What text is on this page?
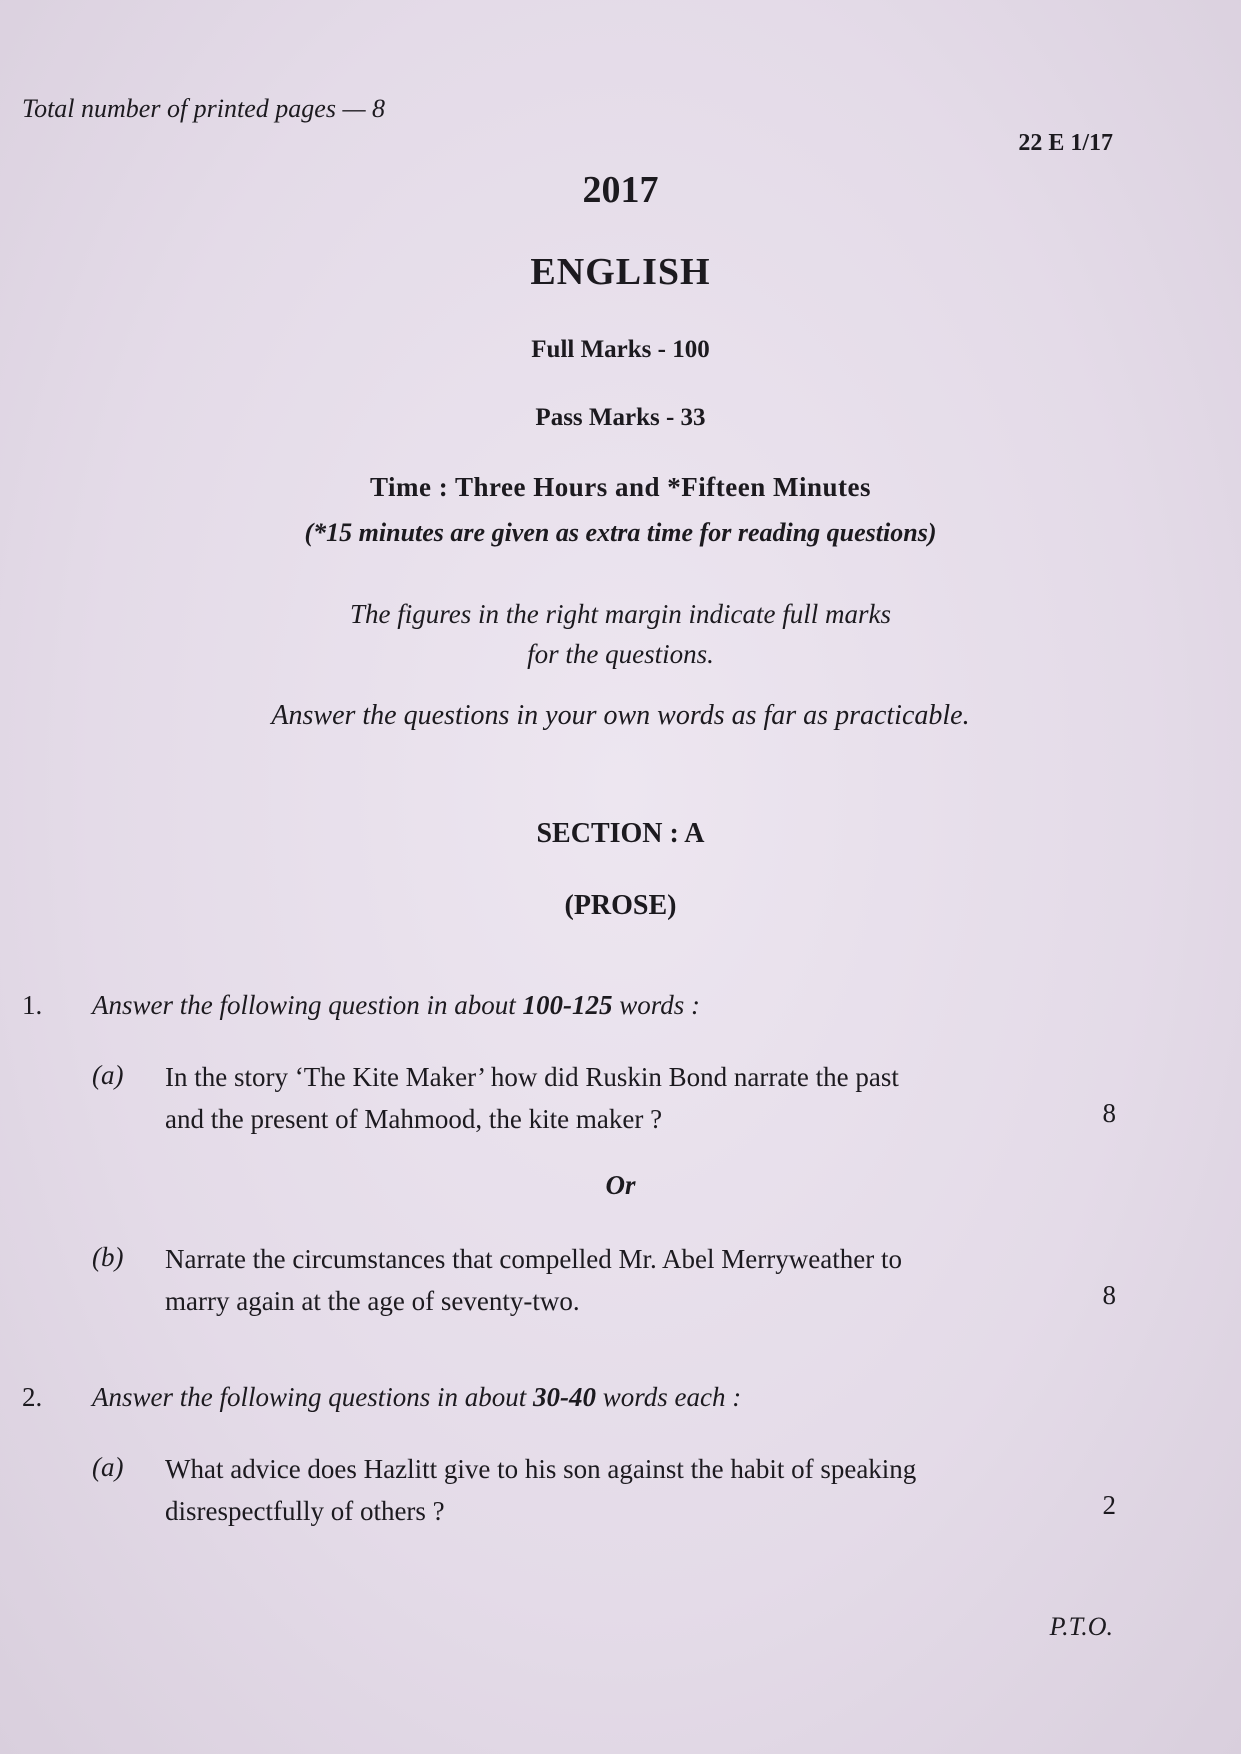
Total number of printed pages — 8
22 E 1/17
2017
ENGLISH
Full Marks - 100
Pass Marks - 33
Time : Three Hours and *Fifteen Minutes
(*15 minutes are given as extra time for reading questions)
The figures in the right margin indicate full marks
for the questions.
Answer the questions in your own words as far as practicable.
SECTION : A
(PROSE)
1. Answer the following question in about 100-125 words :
(a) In the story ‘The Kite Maker’ how did Ruskin Bond narrate the past
and the present of Mahmood, the kite maker ?	8
Or
(b) Narrate the circumstances that compelled Mr. Abel Merryweather to
marry again at the age of seventy-two.	8
2. Answer the following questions in about 30-40 words each :
(a) What advice does Hazlitt give to his son against the habit of speaking
disrespectfully of others ?	2
P.T.O.
